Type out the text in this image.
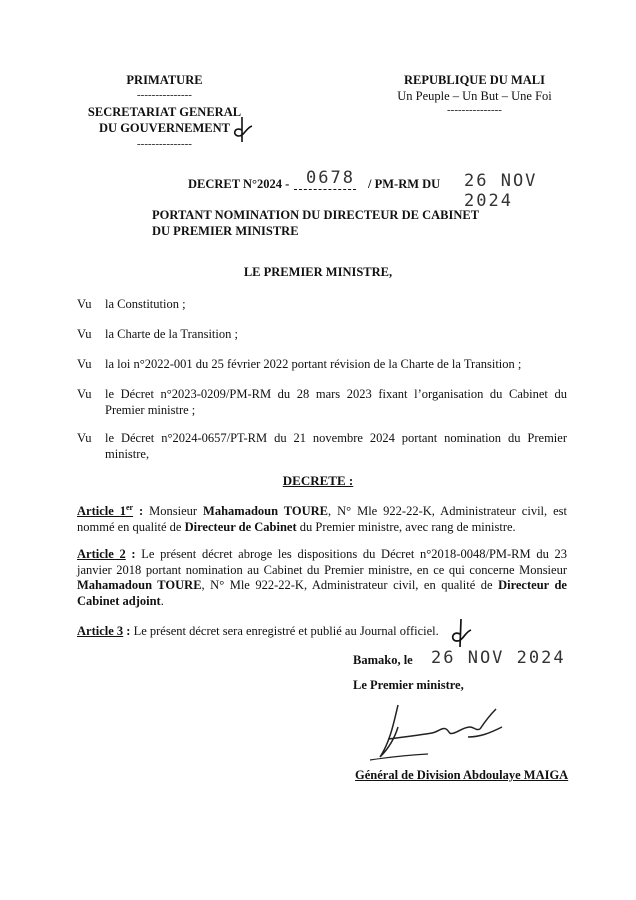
PRIMATURE
---------------
SECRETARIAT GENERAL
DU GOUVERNEMENT
---------------
REPUBLIQUE DU MALI
Un Peuple – Un But – Une Foi
---------------
DECRET N°2024 - 0678 / PM-RM DU 26 NOV 2024
PORTANT NOMINATION DU DIRECTEUR DE CABINET
DU PREMIER MINISTRE
LE PREMIER MINISTRE,
Vu la Constitution ;
Vu la Charte de la Transition ;
Vu la loi n°2022-001 du 25 février 2022 portant révision de la Charte de la Transition ;
Vu le Décret n°2023-0209/PM-RM du 28 mars 2023 fixant l’organisation du Cabinet du Premier ministre ;
Vu le Décret n°2024-0657/PT-RM du 21 novembre 2024 portant nomination du Premier ministre,
DECRETE :
Article 1er : Monsieur Mahamadoun TOURE, N° Mle 922-22-K, Administrateur civil, est nommé en qualité de Directeur de Cabinet du Premier ministre, avec rang de ministre.
Article 2 : Le présent décret abroge les dispositions du Décret n°2018-0048/PM-RM du 23 janvier 2018 portant nomination au Cabinet du Premier ministre, en ce qui concerne Monsieur Mahamadoun TOURE, N° Mle 922-22-K, Administrateur civil, en qualité de Directeur de Cabinet adjoint.
Article 3 : Le présent décret sera enregistré et publié au Journal officiel.
Bamako, le 26 NOV 2024
Le Premier ministre,
Général de Division Abdoulaye MAIGA
